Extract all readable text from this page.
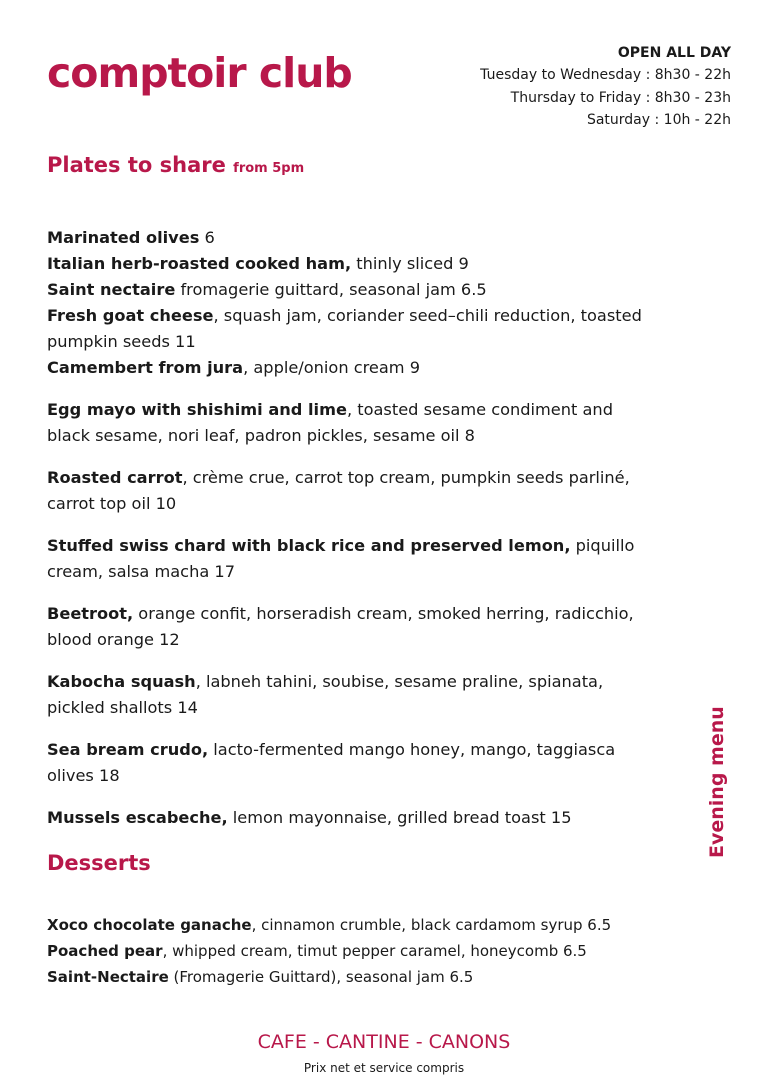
comptoir club	OPEN ALL DAY
Tuesday to Wednesday : 8h30 - 22h
Thursday to Friday : 8h30 - 23h
Saturday : 10h - 22h
Plates to share from 5pm

Marinated olives 6

Italian herb-roasted cooked ham, thinly sliced 9

Saint nectaire fromagerie guittard, seasonal jam 6.5

Fresh goat cheese, squash jam, coriander seed–chili reduction, toasted pumpkin seeds 11

Camembert from jura, apple/onion cream 9

Egg mayo with shishimi and lime, toasted sesame condiment and black sesame, nori leaf, padron pickles, sesame oil 8

Roasted carrot, crème crue, carrot top cream, pumpkin seeds parliné, carrot top oil 10

Stuffed swiss chard with black rice and preserved lemon, piquillo cream, salsa macha 17

Beetroot, orange confit, horseradish cream, smoked herring, radicchio, blood orange 12

Kabocha squash, labneh tahini, soubise, sesame praline, spianata, pickled shallots 14

Sea bream crudo, lacto-fermented mango honey, mango, taggiasca olives 18

Mussels escabeche, lemon mayonnaise, grilled bread toast 15

Desserts

Xoco chocolate ganache, cinnamon crumble, black cardamom syrup 6.5

Poached pear, whipped cream, timut pepper caramel, honeycomb 6.5

Saint-Nectaire (Fromagerie Guittard), seasonal jam 6.5

Evening menu
CAFE - CANTINE - CANONS
Prix net et service compris
